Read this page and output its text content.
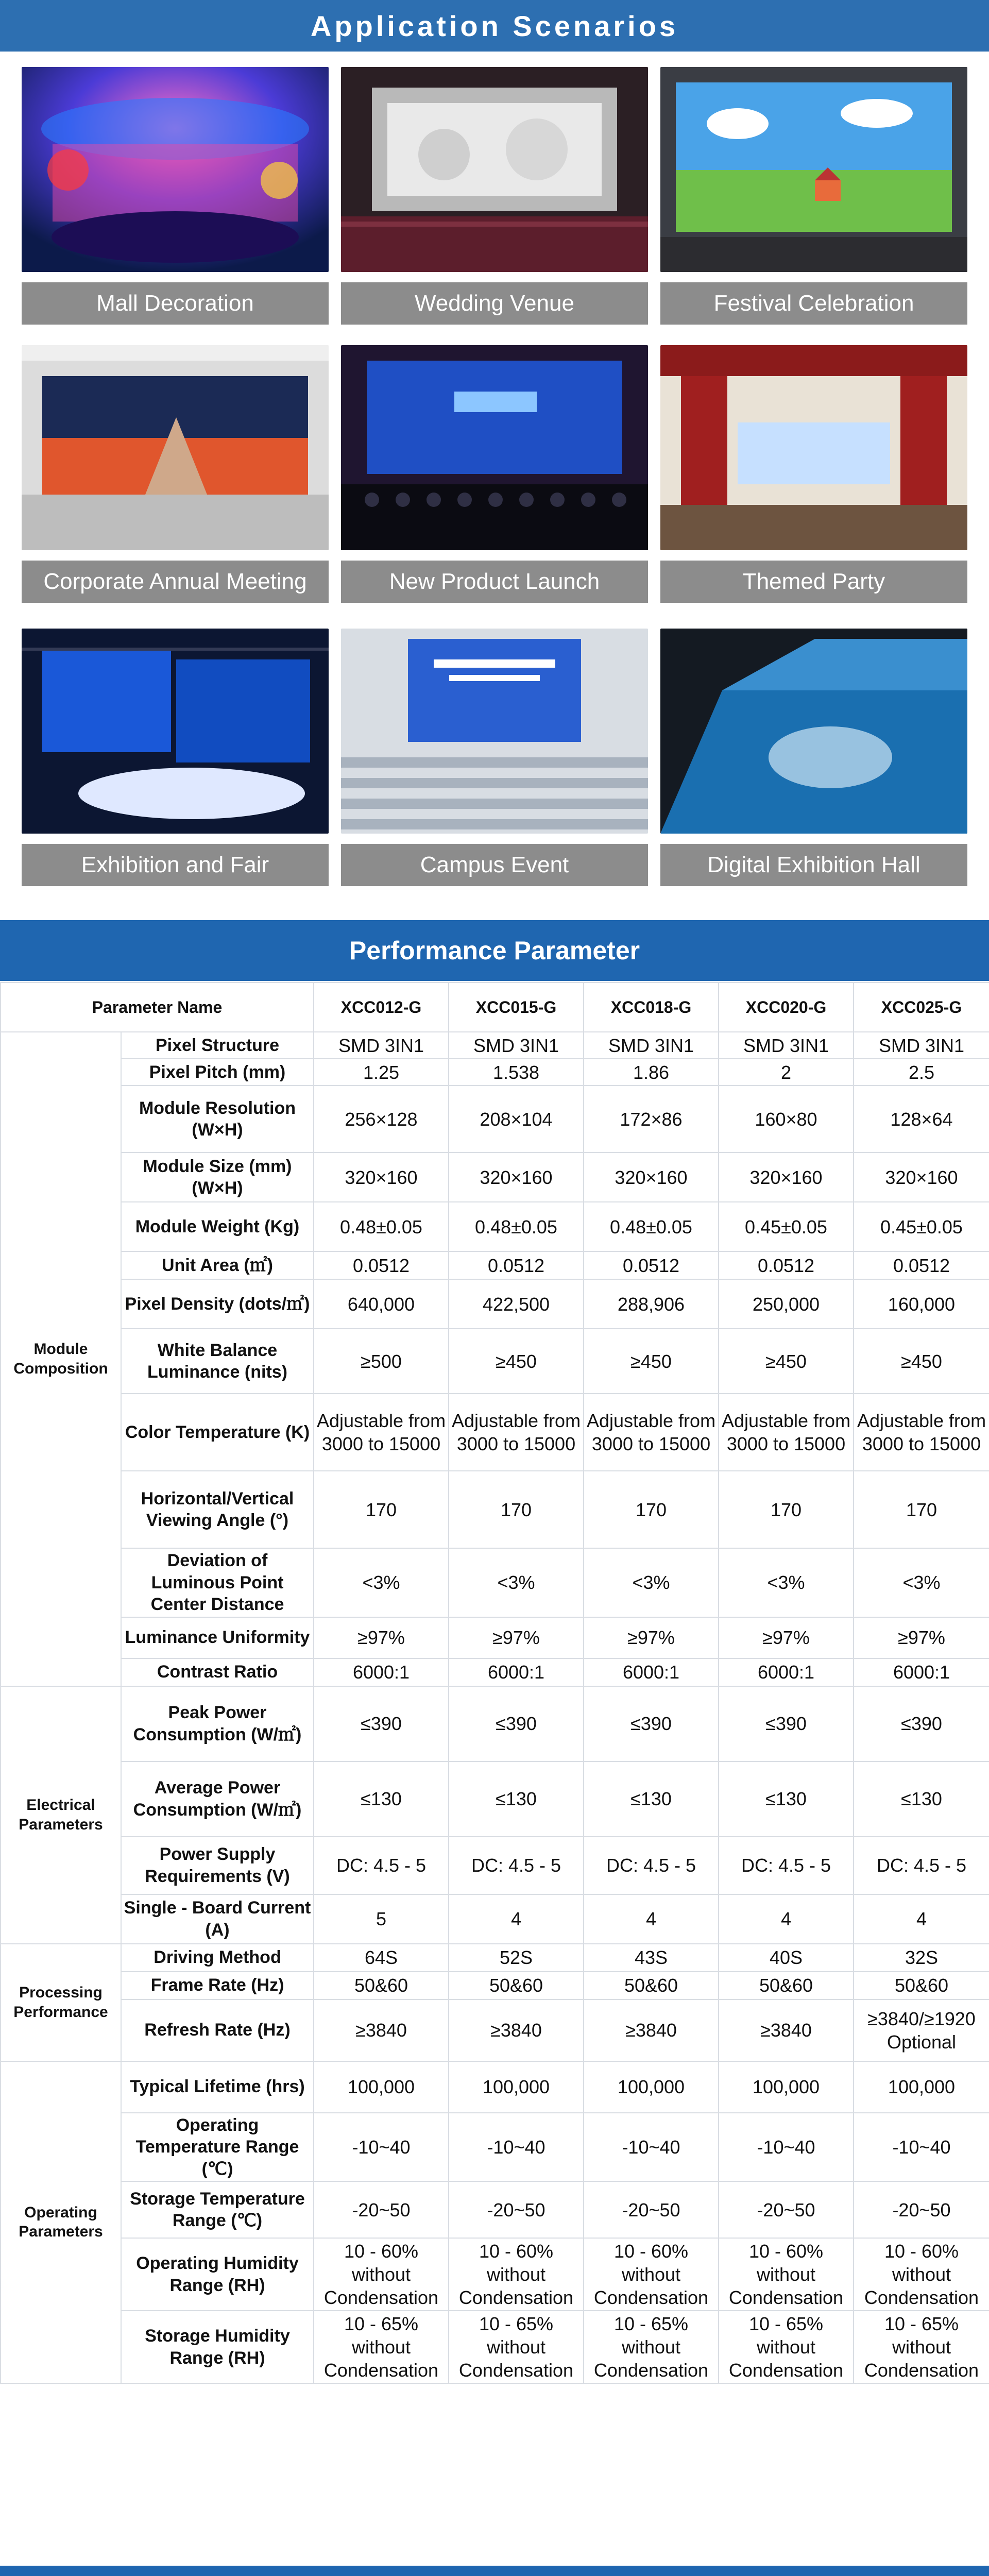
Application Scenarios
Mall Decoration	Wedding Venue	Festival Celebration
Corporate Annual Meeting	New Product Launch	Themed Party
Exhibition and Fair	Campus Event	Digital Exhibition Hall
Performance Parameter
Parameter Name		XCC012-G	XCC015-G	XCC018-G	XCC020-G	XCC025-G
Module Composition	Pixel Structure	SMD 3IN1	SMD 3IN1	SMD 3IN1	SMD 3IN1	SMD 3IN1
	Pixel Pitch (mm)	1.25	1.538	1.86	2	2.5
	Module Resolution (W×H)	256×128	208×104	172×86	160×80	128×64
	Module Size (mm) (W×H)	320×160	320×160	320×160	320×160	320×160
	Module Weight (Kg)	0.48±0.05	0.48±0.05	0.48±0.05	0.45±0.05	0.45±0.05
	Unit Area (㎡)	0.0512	0.0512	0.0512	0.0512	0.0512
	Pixel Density (dots/㎡)	640,000	422,500	288,906	250,000	160,000
	White Balance Luminance (nits)	≥500	≥450	≥450	≥450	≥450
	Color Temperature (K)	Adjustable from 3000 to 15000	Adjustable from 3000 to 15000	Adjustable from 3000 to 15000	Adjustable from 3000 to 15000	Adjustable from 3000 to 15000
	Horizontal/Vertical Viewing Angle (°)	170	170	170	170	170
	Deviation of Luminous Point Center Distance	<3%	<3%	<3%	<3%	<3%
	Luminance Uniformity	≥97%	≥97%	≥97%	≥97%	≥97%
	Contrast Ratio	6000:1	6000:1	6000:1	6000:1	6000:1
Electrical Parameters	Peak Power Consumption (W/㎡)	≤390	≤390	≤390	≤390	≤390
	Average Power Consumption (W/㎡)	≤130	≤130	≤130	≤130	≤130
	Power Supply Requirements (V)	DC: 4.5 - 5	DC: 4.5 - 5	DC: 4.5 - 5	DC: 4.5 - 5	DC: 4.5 - 5
	Single - Board Current (A)	5	4	4	4	4
Processing Performance	Driving Method	64S	52S	43S	40S	32S
	Frame Rate (Hz)	50&60	50&60	50&60	50&60	50&60
	Refresh Rate (Hz)	≥3840	≥3840	≥3840	≥3840	≥3840/≥1920 Optional
Operating Parameters	Typical Lifetime (hrs)	100,000	100,000	100,000	100,000	100,000
	Operating Temperature Range (℃)	-10~40	-10~40	-10~40	-10~40	-10~40
	Storage Temperature Range (℃)	-20~50	-20~50	-20~50	-20~50	-20~50
	Operating Humidity Range (RH)	10 - 60% without Condensation	10 - 60% without Condensation	10 - 60% without Condensation	10 - 60% without Condensation	10 - 60% without Condensation
	Storage Humidity Range (RH)	10 - 65% without Condensation	10 - 65% without Condensation	10 - 65% without Condensation	10 - 65% without Condensation	10 - 65% without Condensation
